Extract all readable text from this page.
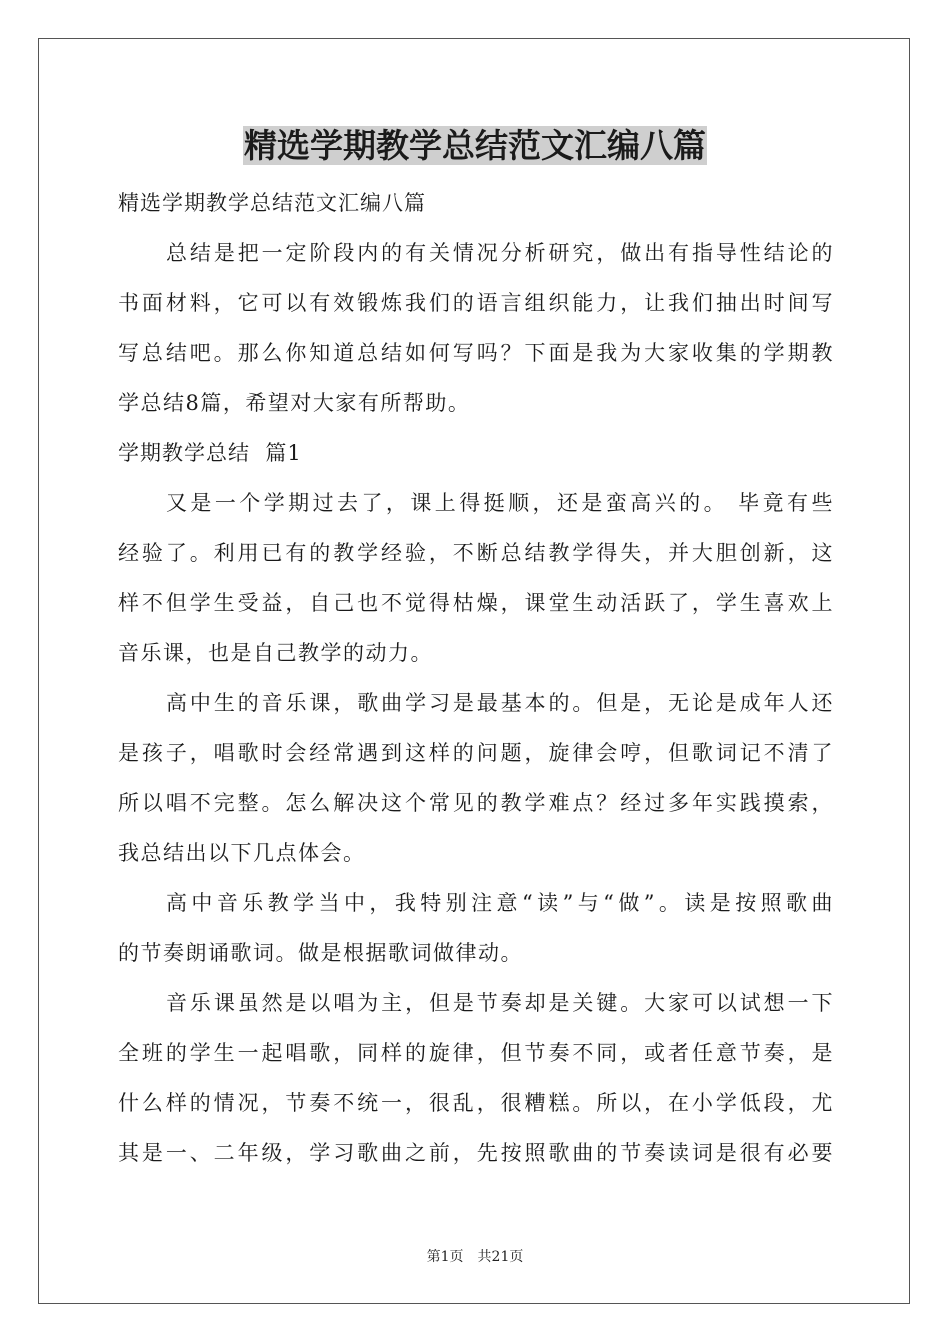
精选学期教学总结范文汇编八篇
精选学期教学总结范文汇编八篇
总结是把一定阶段内的有关情况分析研究，做出有指导性结论的
书面材料，它可以有效锻炼我们的语言组织能力，让我们抽出时间写
写总结吧。那么你知道总结如何写吗？下面是我为大家收集的学期教
学总结8篇，希望对大家有所帮助。
学期教学总结  篇1
又是一个学期过去了，课上得挺顺，还是蛮高兴的。 毕竟有些
经验了。利用已有的教学经验，不断总结教学得失，并大胆创新，这
样不但学生受益，自己也不觉得枯燥，课堂生动活跃了，学生喜欢上
音乐课，也是自己教学的动力。
高中生的音乐课，歌曲学习是最基本的。但是，无论是成年人还
是孩子，唱歌时会经常遇到这样的问题，旋律会哼，但歌词记不清了
所以唱不完整。怎么解决这个常见的教学难点？经过多年实践摸索，
我总结出以下几点体会。
高中音乐教学当中，我特别注意“读”与“做”。读是按照歌曲
的节奏朗诵歌词。做是根据歌词做律动。
音乐课虽然是以唱为主，但是节奏却是关键。大家可以试想一下
全班的学生一起唱歌，同样的旋律，但节奏不同，或者任意节奏，是
什么样的情况，节奏不统一，很乱，很糟糕。所以，在小学低段，尤
其是一、二年级，学习歌曲之前，先按照歌曲的节奏读词是很有必要
第1页 共21页
